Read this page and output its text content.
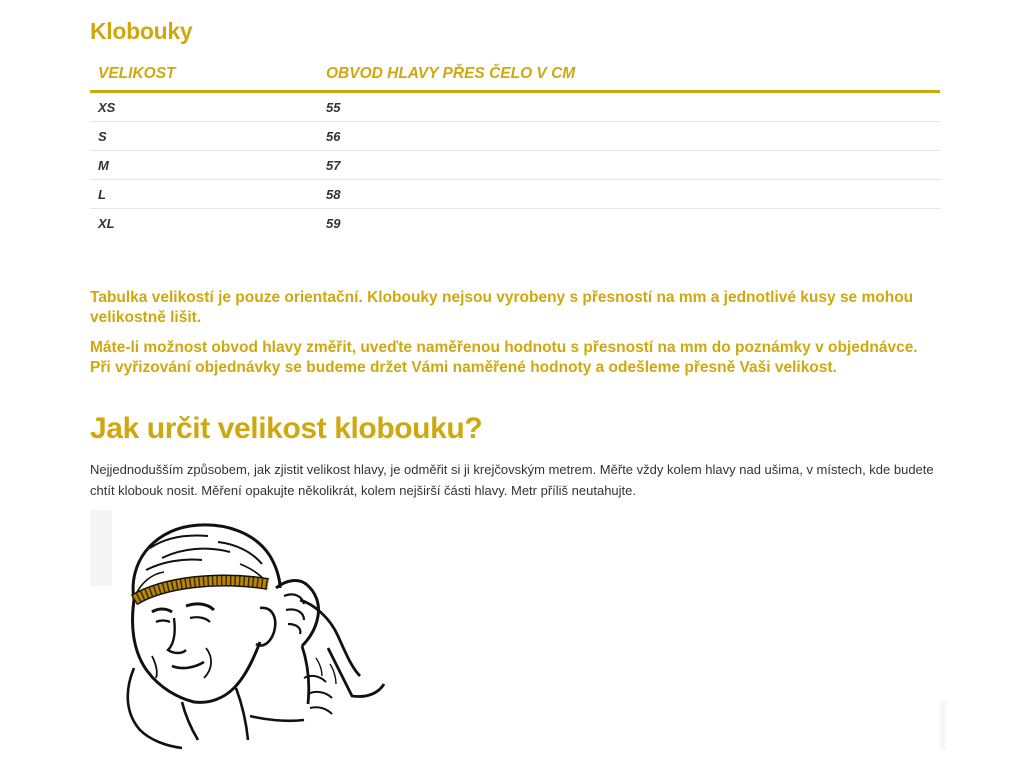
Klobouky
VELIKOST	OBVOD HLAVY PŘES ČELO V CM
XS	55
S	56
M	57
L	58
XL	59

Tabulka velikostí je pouze orientační. Klobouky nejsou vyrobeny s přesností na mm a jednotlivé kusy se mohou velikostně lišit.

Máte-li možnost obvod hlavy změřit, uveďte naměřenou hodnotu s přesností na mm do poznámky v objednávce. Při vyřizování objednávky se budeme držet Vámi naměřené hodnoty a odešleme přesně Vaši velikost.

Jak určit velikost klobouku?

Nejjednodušším způsobem, jak zjistit velikost hlavy, je odměřit si ji krejčovským metrem. Měřte vždy kolem hlavy nad ušima, v místech, kde budete chtít klobouk nosit. Měření opakujte několikrát, kolem nejširší části hlavy. Metr příliš neutahujte.
